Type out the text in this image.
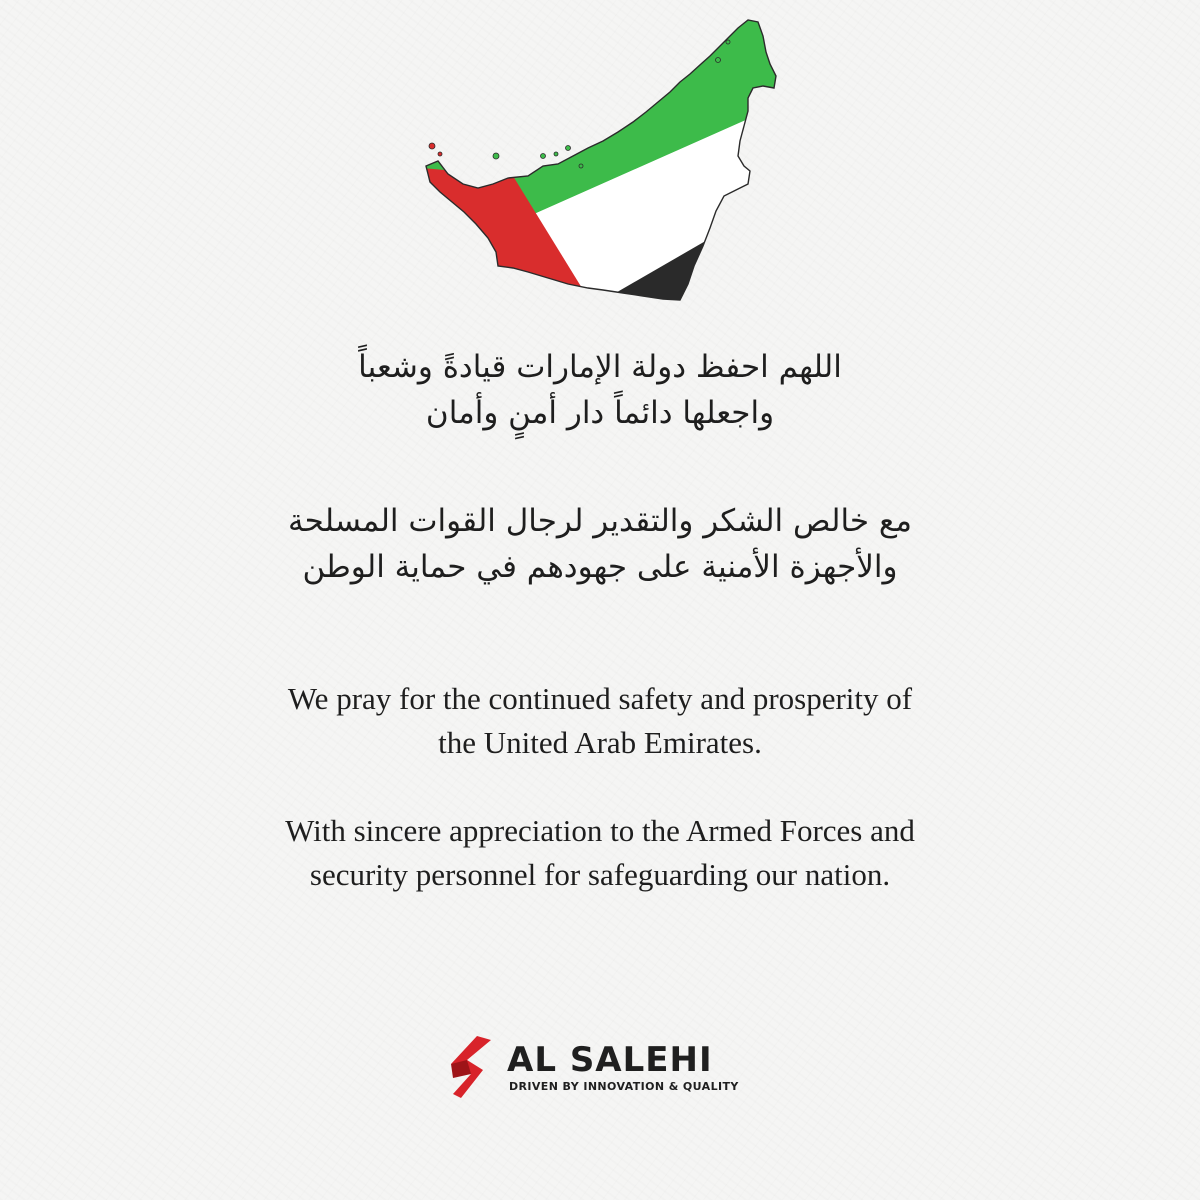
اللهم احفظ دولة الإمارات قيادةً وشعباً
واجعلها دائماً دار أمنٍ وأمان
مع خالص الشكر والتقدير لرجال القوات المسلحة
والأجهزة الأمنية على جهودهم في حماية الوطن
We pray for the continued safety and prosperity of
the United Arab Emirates.
With sincere appreciation to the Armed Forces and
security personnel for safeguarding our nation.
AL SALEHI
DRIVEN BY INNOVATION & QUALITY
